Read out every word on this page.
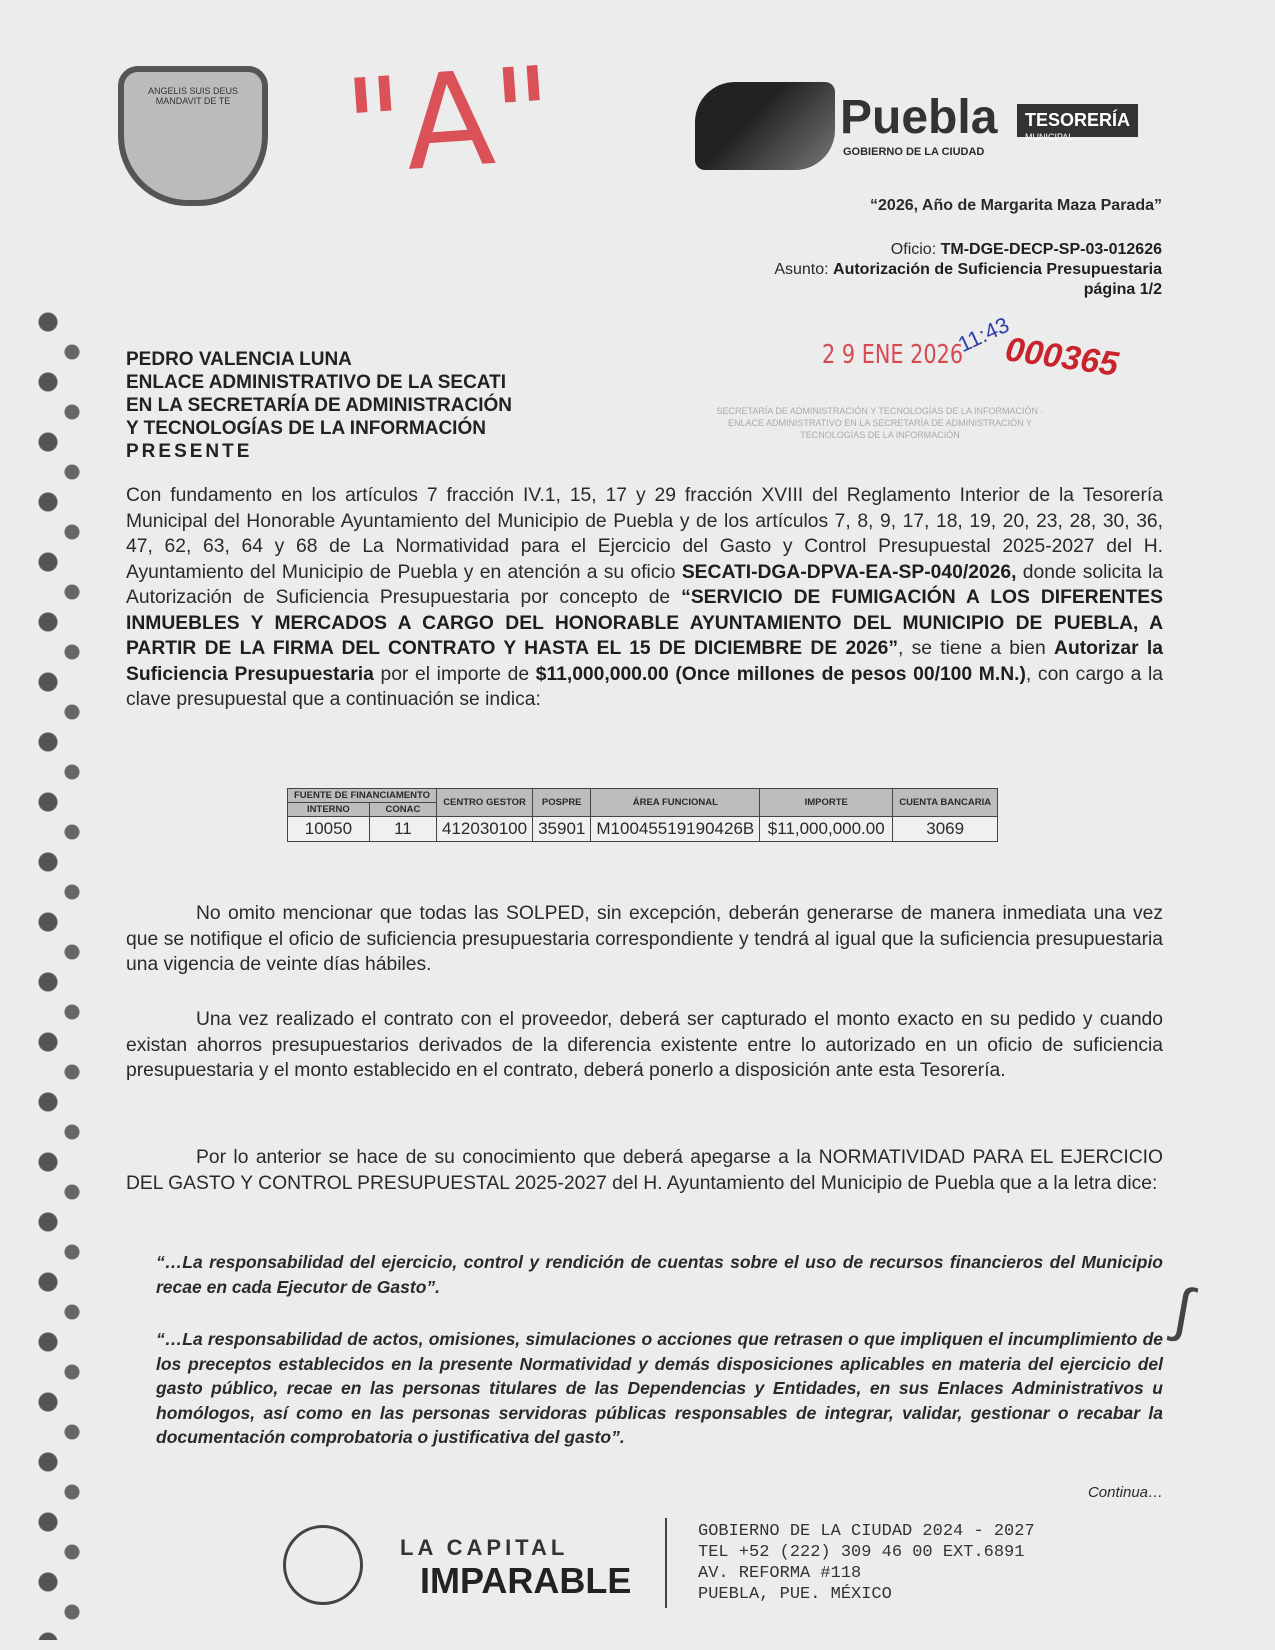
ANGELIS SUIS DEUS MANDAVIT DE TE "A"	Puebla
GOBIERNO DE LA CIUDAD
TESORERÍA
MUNICIPAL
“2026, Año de Margarita Maza Parada”
Oficio: TM-DGE-DECP-SP-03-012626
Asunto: Autorización de Suficiencia Presupuestaria
página 1/2
2 9 ENE 2026
11:43
000365
SECRETARÍA DE ADMINISTRACIÓN Y TECNOLOGÍAS DE LA INFORMACIÓN · ENLACE ADMINISTRATIVO EN LA SECRETARÍA DE ADMINISTRACIÓN Y TECNOLOGÍAS DE LA INFORMACIÓN
PEDRO VALENCIA LUNA
ENLACE ADMINISTRATIVO DE LA SECATI
EN LA SECRETARÍA DE ADMINISTRACIÓN
Y TECNOLOGÍAS DE LA INFORMACIÓN
PRESENTE
Con fundamento en los artículos 7 fracción IV.1, 15, 17 y 29 fracción XVIII del Reglamento Interior de la Tesorería Municipal del Honorable Ayuntamiento del Municipio de Puebla y de los artículos 7, 8, 9, 17, 18, 19, 20, 23, 28, 30, 36, 47, 62, 63, 64 y 68 de La Normatividad para el Ejercicio del Gasto y Control Presupuestal 2025-2027 del H. Ayuntamiento del Municipio de Puebla y en atención a su oficio SECATI-DGA-DPVA-EA-SP-040/2026, donde solicita la Autorización de Suficiencia Presupuestaria por concepto de “SERVICIO DE FUMIGACIÓN A LOS DIFERENTES INMUEBLES Y MERCADOS A CARGO DEL HONORABLE AYUNTAMIENTO DEL MUNICIPIO DE PUEBLA, A PARTIR DE LA FIRMA DEL CONTRATO Y HASTA EL 15 DE DICIEMBRE DE 2026”, se tiene a bien Autorizar la Suficiencia Presupuestaria por el importe de $11,000,000.00 (Once millones de pesos 00/100 M.N.), con cargo a la clave presupuestal que a continuación se indica:
FUENTE DE FINANCIAMENTO		CENTRO GESTOR	POSPRE	ÁREA FUNCIONAL	IMPORTE	CUENTA BANCARIA
INTERNO	CONAC					
10050	11	412030100	35901	M10045519190426B	$11,000,000.00	3069
No omito mencionar que todas las SOLPED, sin excepción, deberán generarse de manera inmediata una vez que se notifique el oficio de suficiencia presupuestaria correspondiente y tendrá al igual que la suficiencia presupuestaria una vigencia de veinte días hábiles.
Una vez realizado el contrato con el proveedor, deberá ser capturado el monto exacto en su pedido y cuando existan ahorros presupuestarios derivados de la diferencia existente entre lo autorizado en un oficio de suficiencia presupuestaria y el monto establecido en el contrato, deberá ponerlo a disposición ante esta Tesorería.
Por lo anterior se hace de su conocimiento que deberá apegarse a la NORMATIVIDAD PARA EL EJERCICIO DEL GASTO Y CONTROL PRESUPUESTAL 2025-2027 del H. Ayuntamiento del Municipio de Puebla que a la letra dice:
“…La responsabilidad del ejercicio, control y rendición de cuentas sobre el uso de recursos financieros del Municipio recae en cada Ejecutor de Gasto”.
“…La responsabilidad de actos, omisiones, simulaciones o acciones que retrasen o que impliquen el incumplimiento de los preceptos establecidos en la presente Normatividad y demás disposiciones aplicables en materia del ejercicio del gasto público, recae en las personas titulares de las Dependencias y Entidades, en sus Enlaces Administrativos u homólogos, así como en las personas servidoras públicas responsables de integrar, validar, gestionar o recabar la documentación comprobatoria o justificativa del gasto”.
∫
Continua…
LA CAPITAL
IMPARABLE
GOBIERNO DE LA CIUDAD 2024 - 2027
TEL +52 (222) 309 46 00 EXT.6891
AV. REFORMA #118
PUEBLA, PUE. MÉXICO
